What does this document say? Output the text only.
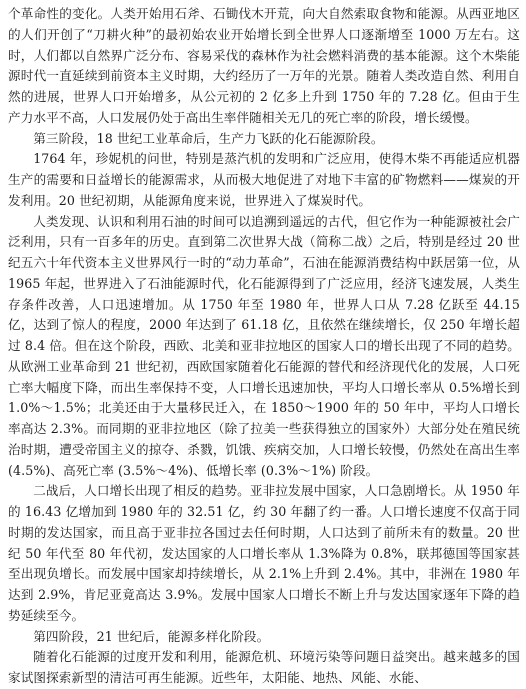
个革命性的变化。人类开始用石斧、石锄伐木开荒，向大自然索取食物和能源。从西亚地区的人们开创了“刀耕火种”的最初始农业开始增长到全世界人口逐渐增至 1000 万左右。这时，人们都以自然界广泛分布、容易采伐的森林作为社会燃料消费的基本能源。这个木柴能源时代一直延续到前资本主义时期，大约经历了一万年的光景。随着人类改造自然、利用自然的进展，世界人口开始增多，从公元初的 2 亿多上升到 1750 年的 7.28 亿。但由于生产力水平不高，人口发展仍处于高出生率伴随相关无几的死亡率的阶段，增长缓慢。

第三阶段，18 世纪工业革命后，生产力飞跃的化石能源阶段。

1764 年，珍妮机的问世，特别是蒸汽机的发明和广泛应用，使得木柴不再能适应机器生产的需要和日益增长的能源需求，从而极大地促进了对地下丰富的矿物燃料——煤炭的开发利用。20 世纪初期，从能源角度来说，世界进入了煤炭时代。

人类发现、认识和利用石油的时间可以追溯到遥远的古代，但它作为一种能源被社会广泛利用，只有一百多年的历史。直到第二次世界大战（简称二战）之后，特别是经过 20 世纪五六十年代资本主义世界风行一时的“动力革命”，石油在能源消费结构中跃居第一位，从 1965 年起，世界进入了石油能源时代，化石能源得到了广泛应用，经济飞速发展，人类生存条件改善，人口迅速增加。从 1750 年至 1980 年，世界人口从 7.28 亿跃至 44.15 亿，达到了惊人的程度，2000 年达到了 61.18 亿，且依然在继续增长，仅 250 年增长超过 8.4 倍。但在这个阶段，西欧、北美和亚非拉地区的国家人口的增长出现了不同的趋势。从欧洲工业革命到 21 世纪初，西欧国家随着化石能源的替代和经济现代化的发展，人口死亡率大幅度下降，而出生率保持不变，人口增长迅速加快，平均人口增长率从 0.5%增长到 1.0%～1.5%；北美还由于大量移民迁入，在 1850～1900 年的 50 年中，平均人口增长率高达 2.3%。而同期的亚非拉地区（除了拉美一些获得独立的国家外）大部分处在殖民统治时期，遭受帝国主义的掠夺、杀戮，饥饿、疾病交加，人口增长较慢，仍然处在高出生率(4.5%)、高死亡率 (3.5%～4%)、低增长率 (0.3%～1%) 阶段。

二战后，人口增长出现了相反的趋势。亚非拉发展中国家，人口急剧增长。从 1950 年的 16.43 亿增加到 1980 年的 32.51 亿，约 30 年翻了约一番。人口增长速度不仅高于同时期的发达国家，而且高于亚非拉各国过去任何时期，人口达到了前所未有的数量。20 世纪 50 年代至 80 年代初，发达国家的人口增长率从 1.3%降为 0.8%，联邦德国等国家甚至出现负增长。而发展中国家却持续增长，从 2.1%上升到 2.4%。其中，非洲在 1980 年达到 2.9%，肯尼亚竟高达 3.9%。发展中国家人口增长不断上升与发达国家逐年下降的趋势延续至今。

第四阶段，21 世纪后，能源多样化阶段。

随着化石能源的过度开发和利用，能源危机、环境污染等问题日益突出。越来越多的国家试图探索新型的清洁可再生能源。近些年，太阳能、地热、风能、水能、
